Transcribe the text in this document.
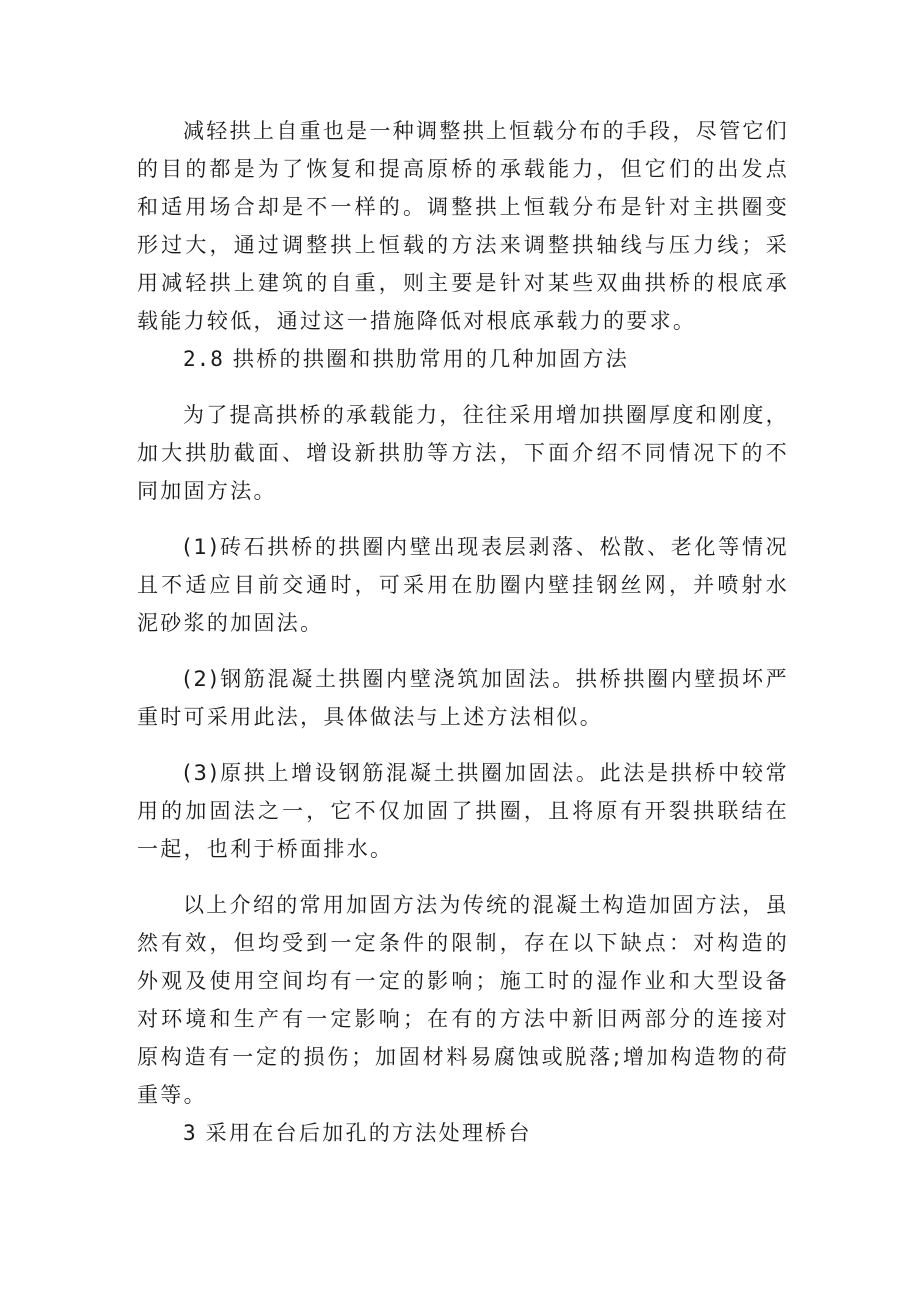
减轻拱上自重也是一种调整拱上恒载分布的手段，尽管它们的目的都是为了恢复和提高原桥的承载能力，但它们的出发点和适用场合却是不一样的。调整拱上恒载分布是针对主拱圈变形过大，通过调整拱上恒载的方法来调整拱轴线与压力线；采用减轻拱上建筑的自重，则主要是针对某些双曲拱桥的根底承载能力较低，通过这一措施降低对根底承载力的要求。

2.8 拱桥的拱圈和拱肋常用的几种加固方法

为了提高拱桥的承载能力，往往采用增加拱圈厚度和刚度，加大拱肋截面、增设新拱肋等方法，下面介绍不同情况下的不同加固方法。

(1)砖石拱桥的拱圈内壁出现表层剥落、松散、老化等情况且不适应目前交通时，可采用在肋圈内壁挂钢丝网，并喷射水泥砂浆的加固法。

(2)钢筋混凝土拱圈内壁浇筑加固法。拱桥拱圈内壁损坏严重时可采用此法，具体做法与上述方法相似。

(3)原拱上增设钢筋混凝土拱圈加固法。此法是拱桥中较常用的加固法之一，它不仅加固了拱圈，且将原有开裂拱联结在一起，也利于桥面排水。

以上介绍的常用加固方法为传统的混凝土构造加固方法，虽然有效，但均受到一定条件的限制，存在以下缺点：对构造的外观及使用空间均有一定的影响；施工时的湿作业和大型设备对环境和生产有一定影响；在有的方法中新旧两部分的连接对原构造有一定的损伤；加固材料易腐蚀或脱落;增加构造物的荷重等。

3 采用在台后加孔的方法处理桥台
